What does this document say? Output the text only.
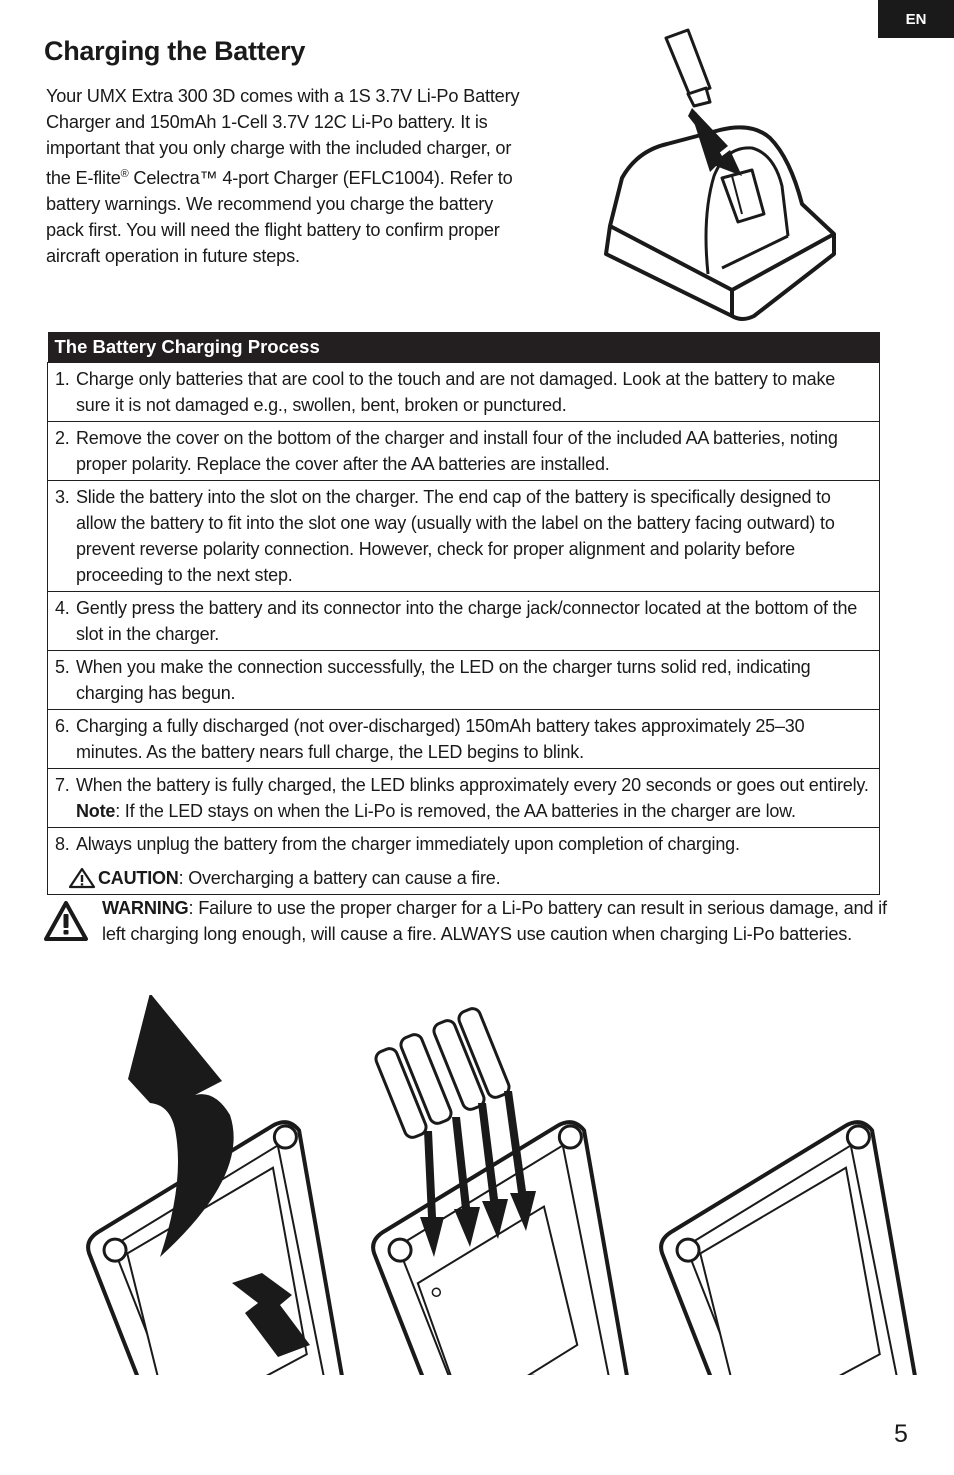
EN
Charging the Battery
Your UMX Extra 300 3D comes with a 1S 3.7V Li-Po Battery Charger and 150mAh 1-Cell 3.7V 12C Li-Po battery. It is important that you only charge with the included charger, or the E-flite® Celectra™ 4-port Charger (EFLC1004). Refer to battery warnings. We recommend you charge the battery pack first. You will need the flight battery to confirm proper aircraft operation in future steps.
The Battery Charging Process

1. Charge only batteries that are cool to the touch and are not damaged. Look at the battery to make sure it is not damaged e.g., swollen, bent, broken or punctured.

2. Remove the cover on the bottom of the charger and install four of the included AA batteries, noting proper polarity. Replace the cover after the AA batteries are installed.

3. Slide the battery into the slot on the charger. The end cap of the battery is specifically designed to allow the battery to fit into the slot one way (usually with the label on the battery facing outward) to prevent reverse polarity connection. However, check for proper alignment and polarity before proceeding to the next step.

4. Gently press the battery and its connector into the charge jack/connector located at the bottom of the slot in the charger.

5. When you make the connection successfully, the LED on the charger turns solid red, indicating charging has begun.

6. Charging a fully discharged (not over-discharged) 150mAh battery takes approximately 25–30 minutes. As the battery nears full charge, the LED begins to blink.

7. When the battery is fully charged, the LED blinks approximately every 20 seconds or goes out entirely. Note: If the LED stays on when the Li-Po is removed, the AA batteries in the charger are low.

8. Always unplug the battery from the charger immediately upon completion of charging.
CAUTION : Overcharging a battery can cause a fire.
WARNING: Failure to use the proper charger for a Li-Po battery can result in serious damage, and if left charging long enough, will cause a fire. ALWAYS use caution when charging Li-Po batteries.
5
